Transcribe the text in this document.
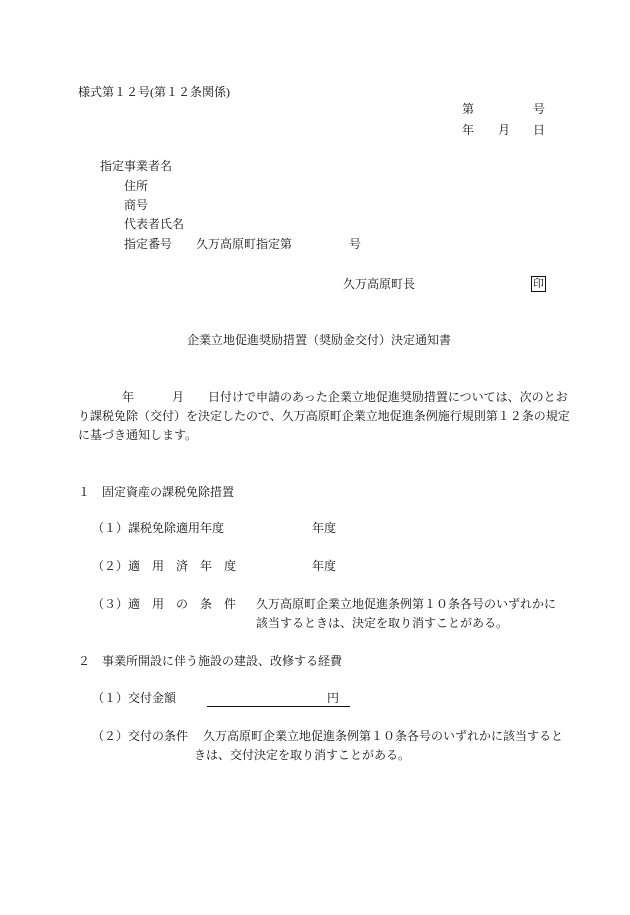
様式第１２号(第１２条関係)
第	号
年 月 日
指定事業者名
住所
商号
代表者氏名
指定番号 久万高原町指定第	号
久万高原町長	印
企業立地促進奨励措置（奨励金交付）決定通知書
年	月 日付けで申請のあった企業立地促進奨励措置については、次のとお
り課税免除（交付）を決定したので、久万高原町企業立地促進条例施行規則第１２条の規定
に基づき通知します。
１　固定資産の課税免除措置
（１）課税免除適用年度	年度
（２）適　用　済　年　度	年度
（３）適　用　の　条　件 久万高原町企業立地促進条例第１０条各号のいずれかに
該当するときは、決定を取り消すことがある。
２　事業所開設に伴う施設の建設、改修する経費
（１）交付金額	円
（２）交付の条件 久万高原町企業立地促進条例第１０条各号のいずれかに該当すると
きは、交付決定を取り消すことがある。
